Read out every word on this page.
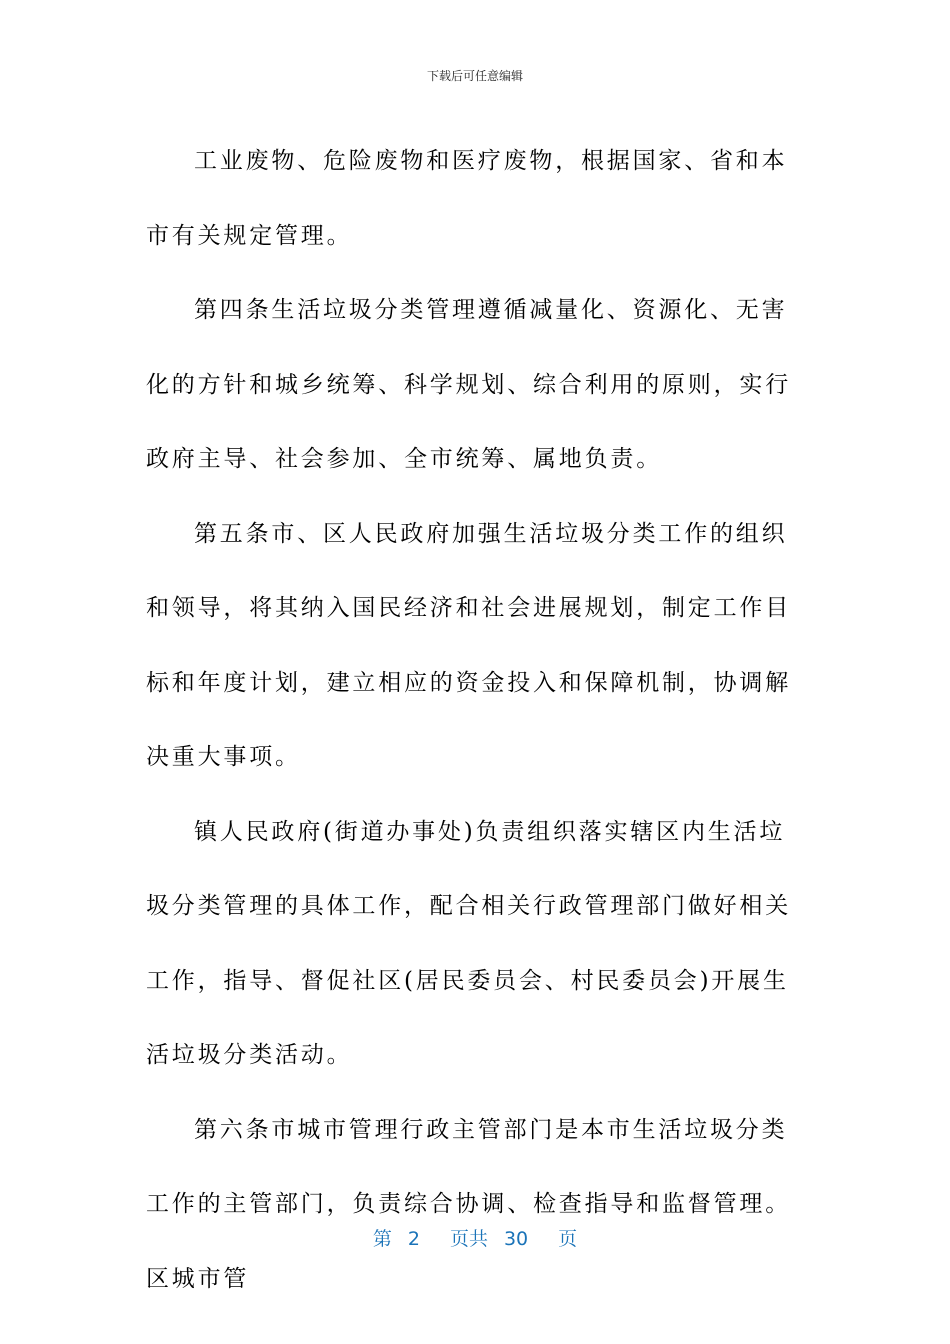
下载后可任意编辑

工业废物、危险废物和医疗废物，根据国家、省和本市有关规定管理。

第四条生活垃圾分类管理遵循减量化、资源化、无害化的方针和城乡统筹、科学规划、综合利用的原则，实行政府主导、社会参加、全市统筹、属地负责。

第五条市、区人民政府加强生活垃圾分类工作的组织和领导，将其纳入国民经济和社会进展规划，制定工作目标和年度计划，建立相应的资金投入和保障机制，协调解决重大事项。

镇人民政府(街道办事处)负责组织落实辖区内生活垃圾分类管理的具体工作，配合相关行政管理部门做好相关工作，指导、督促社区(居民委员会、村民委员会)开展生活垃圾分类活动。

第六条市城市管理行政主管部门是本市生活垃圾分类工作的主管部门，负责综合协调、检查指导和监督管理。区城市管

第 2 页共 30 页
